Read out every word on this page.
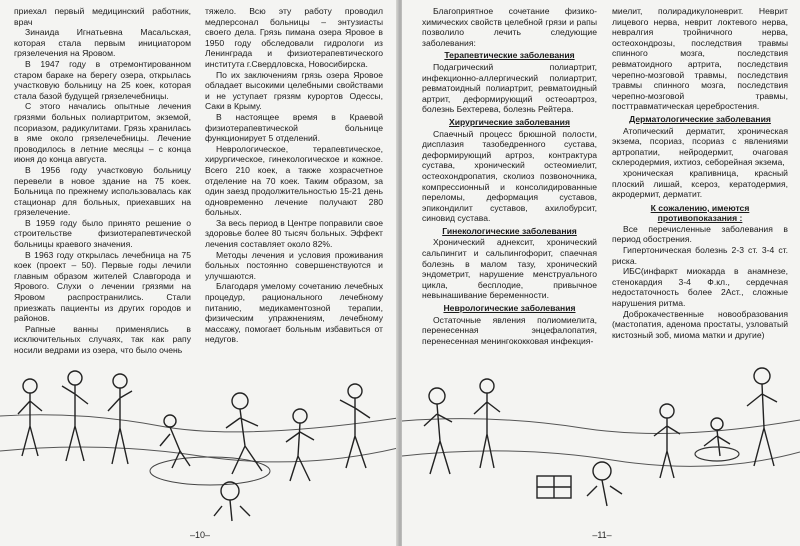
приехал первый медицинский работник, врач

Зинаида Игнатьевна Масальская, которая стала первым инициатором грязелечения на Яровом.

В 1947 году в отремонтированном старом бараке на берегу озера, открылась участковую больницу на 25 коек, которая стала базой будущей грязелечебницы.

С этого начались опытные лечения грязями больных полиартритом, экземой, псориазом, радикулитами. Грязь хранилась в яме около грязелечебницы. Лечение проводилось в летние месяцы – с конца июня до конца августа.

В 1956 году участковую больницу перевели в новое здание на 75 коек. Больница по прежнему использовалась как стационар для больных, приехавших на грязелечение.

В 1959 году было принято решение о строительстве физиотерапевтической больницы краевого значения.

В 1963 году открылась лечебница на 75 коек (проект – 50). Первые годы лечили главным образом жителей Славгорода и Ярового. Слухи о лечении грязями на Яровом распространились. Стали приезжать пациенты из других городов и районов.

Рапные ванны применялись в исключительных случаях, так как рапу носили ведрами из озера, что было очень

тяжело. Всю эту работу проводил медперсонал больницы – энтузиасты своего дела. Грязь пимана озера Яровое в 1950 году обследовали гидрологи из Ленинграда и физиотерапевтического института г.Свердловска, Новосибирска.

По их заключениям грязь озера Яровое обладает высокими целебными свойствами и не уступает грязям курортов Одессы, Саки в Крыму.

В настоящее время в Краевой физиотерапевтической больнице функционирует 5 отделений.

Неврологическое, терапевтическое, хирургическое, гинекологическое и кожное. Всего 210 коек, а также хозрасчетное отделение на 70 коек. Таким образом, за один заезд продолжительностью 15-21 день одновременно лечение получают 280 больных.

За весь период в Центре поправили свое здоровье более 80 тысяч больных. Эффект лечения составляет около 82%.

Методы лечения и условия проживания больных постоянно совершенствуются и улучшаются.

Благодаря умелому сочетанию лечебных процедур, рационального лечебному питанию, медикаментозной терапии, физическим упражнениям, лечебному массажу, помогает больным избавиться от недугов.

–10–

Благоприятное сочетание физико-химических свойств целебной грязи и рапы позволило лечить следующие заболевания:

Терапевтические заболевания

Подагрический полиартрит, инфекционно-аллергический полиартрит, ревматоидный полиартрит, ревматоидный артрит, деформирующий остеоартроз, болезнь Бехтерева, болезнь Рейтера.

Хирургические заболевания

Спаечный процесс брюшной полости, дисплазия тазобедренного сустава, деформирующий артроз, контрактура сустава, хронический остеомиелит, остеохондропатия, сколиоз позвоночника, компрессионный и консолидированные переломы, деформация суставов, эпикондилит суставов, ахилобурсит, синовид сустава.

Гинекологические заболевания

Хронический аднексит, хронический сальпингит и сальпингофорит, спаечная болезнь в малом тазу, хронический эндометрит, нарушение менструального цикла, бесплодие, привычное невынашивание беременности.

Неврологические заболевания

Остаточные явления полиомиелита, перенесенная энцефалопатия, перенесенная менингококковая инфекция-

миелит, полирадикулоневрит. Неврит лицевого нерва, неврит локтевого нерва, невралгия тройничного нерва, остеохондрозы, последствия травмы спинного мозга, последствия ревматоидного артрита, последствия черепно-мозговой травмы, последствия травмы спинного мозга, последствия черепно-мозговой травмы, посттравматическая церебростения.

Дерматологические заболевания

Атопический дерматит, хроническая экзема, псориаз, псориаз с явлениями артропатии, нейродермит, очаговая склеродермия, ихтиоз, себорейная экзема,

хроническая крапивница, красный плоский лишай, ксероз, кератодермия, акродермит, дерматит.

К сожалению, имеются

противопоказания :

Все перечисленные заболевания в период обострения.

Гипертоническая болезнь 2-3 ст. 3-4 ст. риска.

ИБС(инфаркт миокарда в анамнезе, стенокардия 3-4 Ф.кл., сердечная недостаточность более 2Аст., сложные нарушения ритма.

Доброкачественные новообразования (мастопатия, аденома простаты, узловатый кистозный зоб, миома матки и другие)

–11–
